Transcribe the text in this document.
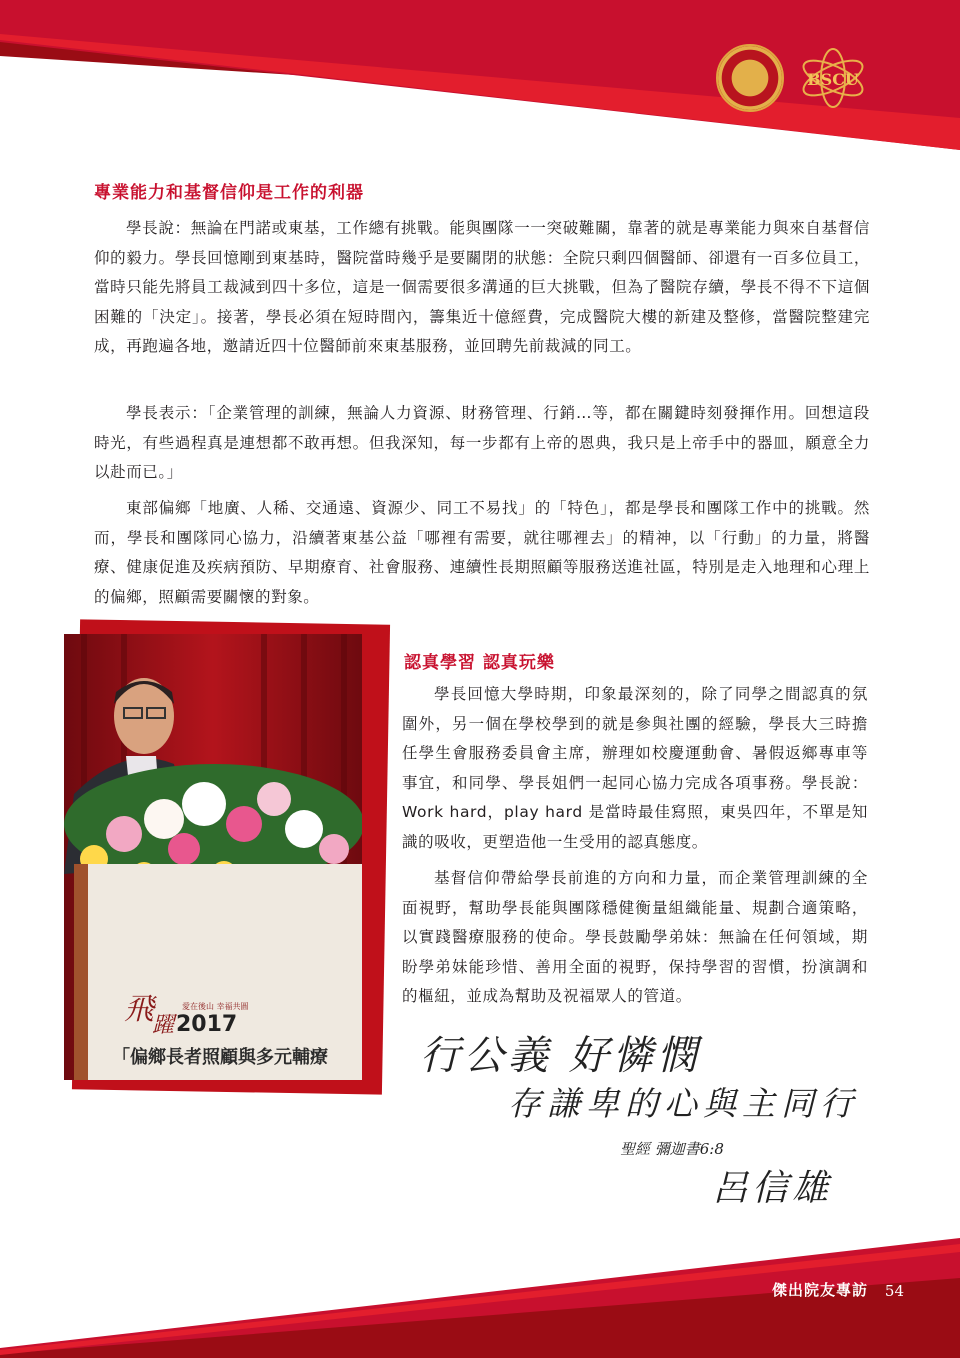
BSCU
專業能力和基督信仰是工作的利器

學長說：無論在門諾或東基，工作總有挑戰。能與團隊一一突破難關，靠著的就是專業能力與來自基督信仰的毅力。學長回憶剛到東基時，醫院當時幾乎是要關閉的狀態：全院只剩四個醫師、卻還有一百多位員工，當時只能先將員工裁減到四十多位，這是一個需要很多溝通的巨大挑戰，但為了醫院存續，學長不得不下這個困難的「決定」。接著，學長必須在短時間內，籌集近十億經費，完成醫院大樓的新建及整修，當醫院整建完成，再跑遍各地，邀請近四十位醫師前來東基服務，並回聘先前裁減的同工。

學長表示：「企業管理的訓練，無論人力資源、財務管理、行銷…等，都在關鍵時刻發揮作用。回想這段時光，有些過程真是連想都不敢再想。但我深知，每一步都有上帝的恩典，我只是上帝手中的器皿，願意全力以赴而已。」

東部偏鄉「地廣、人稀、交通遠、資源少、同工不易找」的「特色」，都是學長和團隊工作中的挑戰。然而，學長和團隊同心協力，沿續著東基公益「哪裡有需要，就往哪裡去」的精神，以「行動」的力量，將醫療、健康促進及疾病預防、早期療育、社會服務、連續性長期照顧等服務送進社區，特別是走入地理和心理上的偏鄉，照顧需要關懷的對象。

飛
躍
愛在後山 幸福共圓
2017
「偏鄉長者照顧與多元輔療
認真學習 認真玩樂

學長回憶大學時期，印象最深刻的，除了同學之間認真的氛圍外，另一個在學校學到的就是參與社團的經驗，學長大三時擔任學生會服務委員會主席，辦理如校慶運動會、暑假返鄉專車等事宜，和同學、學長姐們一起同心協力完成各項事務。學長說：Work hard，play hard 是當時最佳寫照，東吳四年，不單是知識的吸收，更塑造他一生受用的認真態度。

基督信仰帶給學長前進的方向和力量，而企業管理訓練的全面視野，幫助學長能與團隊穩健衡量組織能量、規劃合適策略，以實踐醫療服務的使命。學長鼓勵學弟妹：無論在任何領域，期盼學弟妹能珍惜、善用全面的視野，保持學習的習慣，扮演調和的樞紐，並成為幫助及祝福眾人的管道。

行公義 好憐憫
存謙卑的心與主同行
聖經 彌迦書6:8
呂信雄
傑出院友專訪 54
